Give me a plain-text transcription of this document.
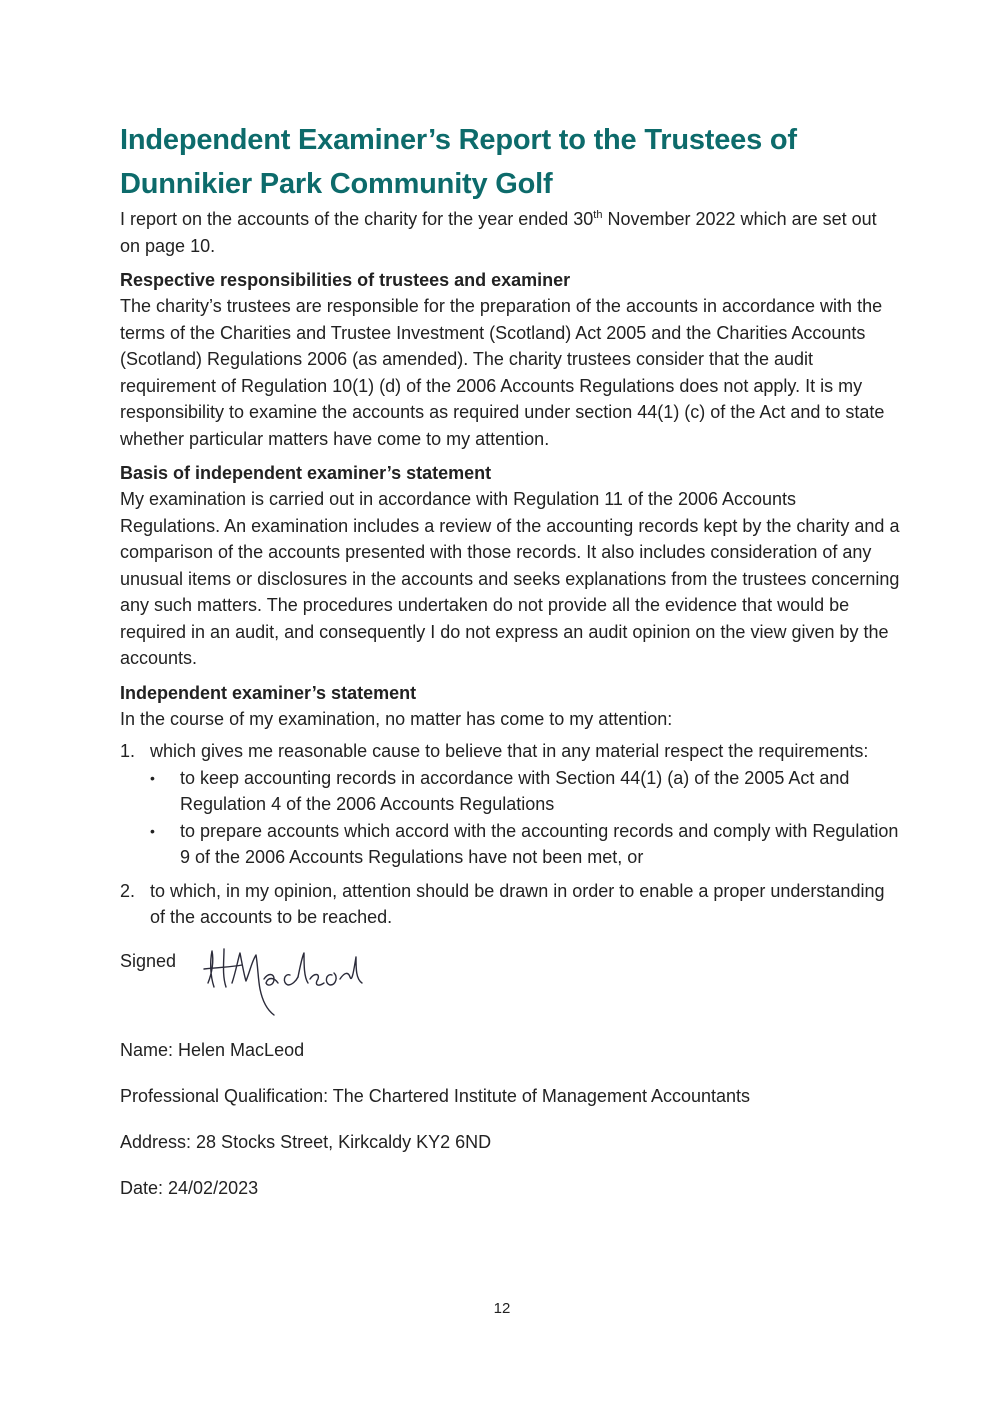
Independent Examiner’s Report to the Trustees of
Dunnikier Park Community Golf

I report on the accounts of the charity for the year ended 30th November 2022 which are set out on page 10.

Respective responsibilities of trustees and examiner

The charity’s trustees are responsible for the preparation of the accounts in accordance with the terms of the Charities and Trustee Investment (Scotland) Act 2005 and the Charities Accounts (Scotland) Regulations 2006 (as amended). The charity trustees consider that the audit requirement of Regulation 10(1) (d) of the 2006 Accounts Regulations does not apply. It is my responsibility to examine the accounts as required under section 44(1) (c) of the Act and to state whether particular matters have come to my attention.

Basis of independent examiner’s statement

My examination is carried out in accordance with Regulation 11 of the 2006 Accounts Regulations. An examination includes a review of the accounting records kept by the charity and a comparison of the accounts presented with those records. It also includes consideration of any unusual items or disclosures in the accounts and seeks explanations from the trustees concerning any such matters. The procedures undertaken do not provide all the evidence that would be required in an audit, and consequently I do not express an audit opinion on the view given by the accounts.

Independent examiner’s statement

In the course of my examination, no matter has come to my attention:

1. which gives me reasonable cause to believe that in any material respect the requirements:
• to keep accounting records in accordance with Section 44(1) (a) of the 2005 Act and Regulation 4 of the 2006 Accounts Regulations
• to prepare accounts which accord with the accounting records and comply with Regulation 9 of the 2006 Accounts Regulations have not been met, or
2. to which, in my opinion, attention should be drawn in order to enable a proper understanding of the accounts to be reached.
Signed
HMacleod

Name: Helen MacLeod

Professional Qualification: The Chartered Institute of Management Accountants

Address: 28 Stocks Street, Kirkcaldy KY2 6ND

Date: 24/02/2023

12
